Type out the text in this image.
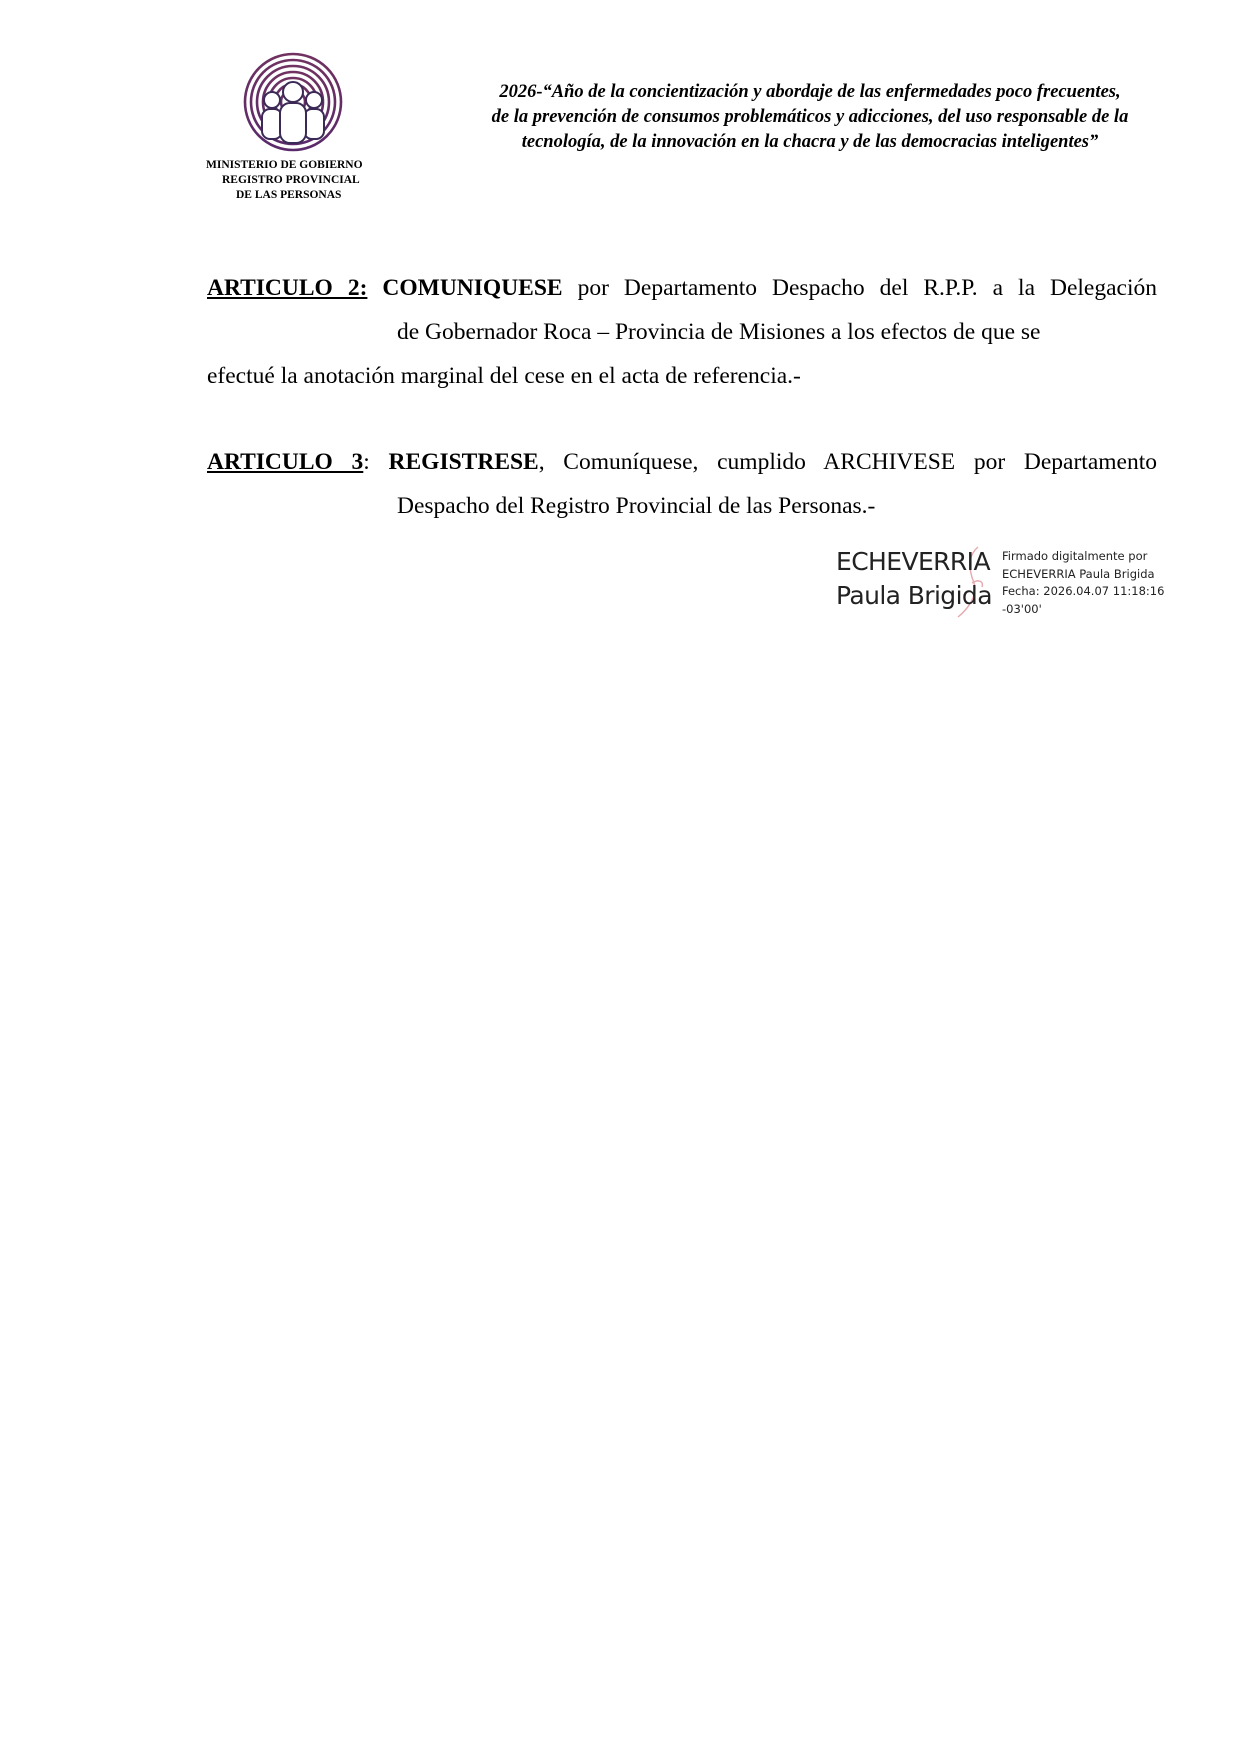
MINISTERIO DE GOBIERNO
REGISTRO PROVINCIAL
DE LAS PERSONAS
2026-“Año de la concientización y abordaje de las enfermedades poco frecuentes,
de la prevención de consumos problemáticos y adicciones, del uso responsable de la
tecnología, de la innovación en la chacra y de las democracias inteligentes”
ARTICULO 2: COMUNIQUESE por Departamento Despacho del R.P.P. a la Delegación
de Gobernador Roca – Provincia de Misiones a los efectos de que se
efectué la anotación marginal del cese en el acta de referencia.-
ARTICULO 3: REGISTRESE, Comuníquese, cumplido ARCHIVESE por Departamento
Despacho del Registro Provincial de las Personas.-
ECHEVERRIA
Paula Brigida
Firmado digitalmente por
ECHEVERRIA Paula Brigida
Fecha: 2026.04.07 11:18:16
-03'00'
